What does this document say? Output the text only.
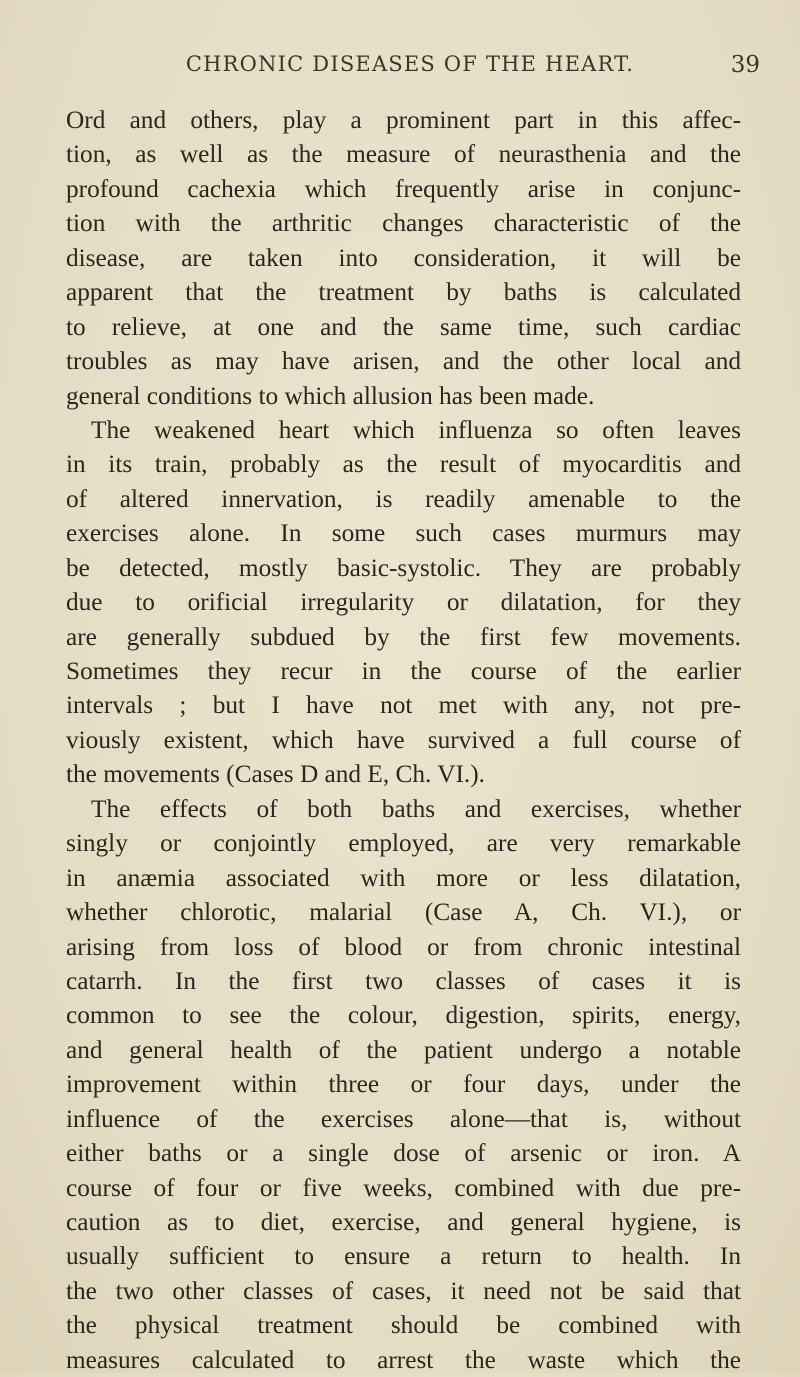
CHRONIC DISEASES OF THE HEART.	39
Ord and others, play a prominent part in this affec-
tion, as well as the measure of neurasthenia and the
profound cachexia which frequently arise in conjunc-
tion with the arthritic changes characteristic of the
disease, are taken into consideration, it will be
apparent that the treatment by baths is calculated
to relieve, at one and the same time, such cardiac
troubles as may have arisen, and the other local and
general conditions to which allusion has been made.
The weakened heart which influenza so often leaves
in its train, probably as the result of myocarditis and
of altered innervation, is readily amenable to the
exercises alone. In some such cases murmurs may
be detected, mostly basic-systolic. They are probably
due to orificial irregularity or dilatation, for they
are generally subdued by the first few movements.
Sometimes they recur in the course of the earlier
intervals ; but I have not met with any, not pre-
viously existent, which have survived a full course of
the movements (Cases D and E, Ch. VI.).
The effects of both baths and exercises, whether
singly or conjointly employed, are very remarkable
in anæmia associated with more or less dilatation,
whether chlorotic, malarial (Case A, Ch. VI.), or
arising from loss of blood or from chronic intestinal
catarrh. In the first two classes of cases it is
common to see the colour, digestion, spirits, energy,
and general health of the patient undergo a notable
improvement within three or four days, under the
influence of the exercises alone—that is, without
either baths or a single dose of arsenic or iron. A
course of four or five weeks, combined with due pre-
caution as to diet, exercise, and general hygiene, is
usually sufficient to ensure a return to health. In
the two other classes of cases, it need not be said that
the physical treatment should be combined with
measures calculated to arrest the waste which the
